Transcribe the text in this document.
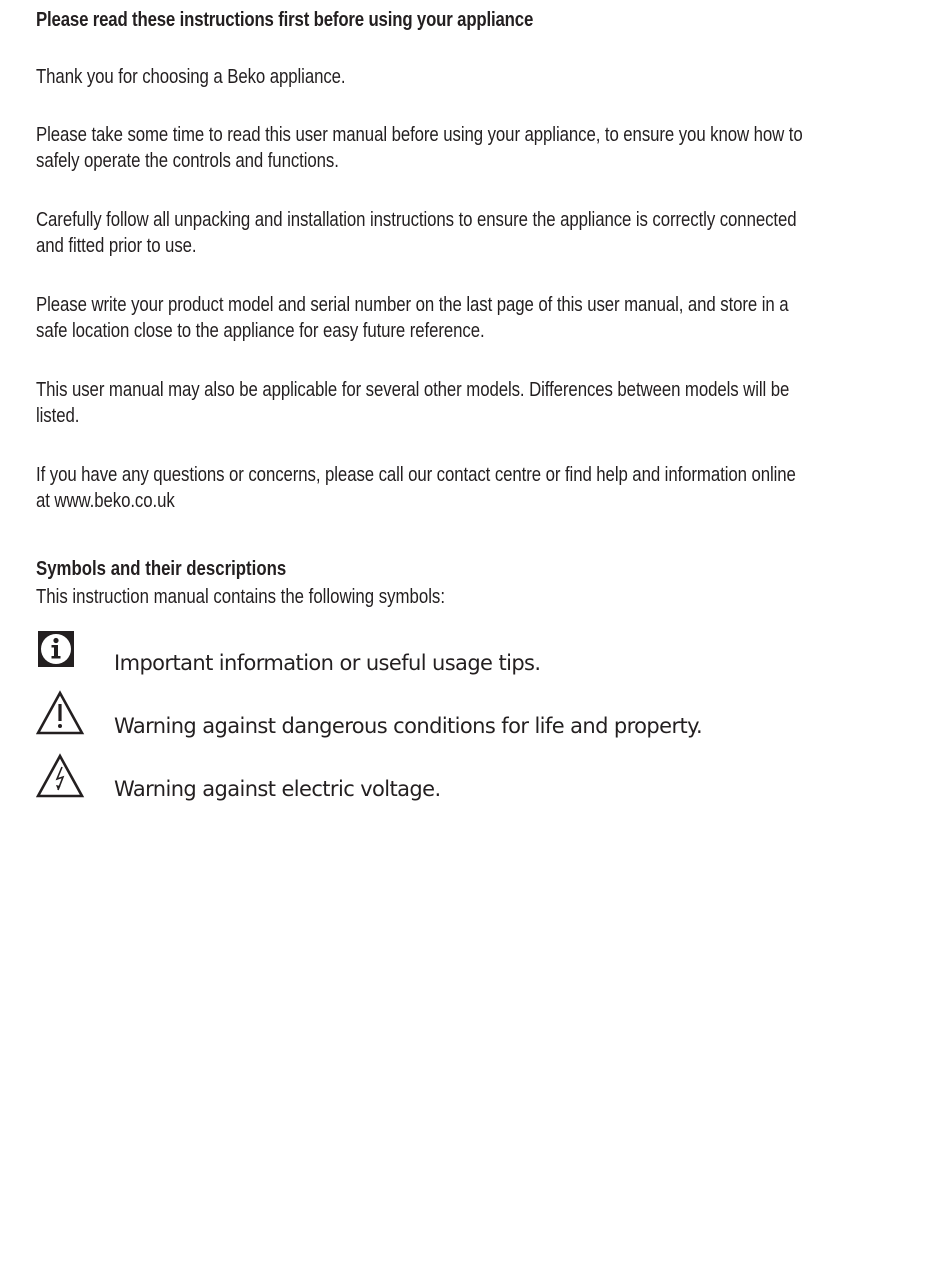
Please read these instructions first before using your appliance
Thank you for choosing a Beko appliance.
Please take some time to read this user manual before using your appliance, to ensure you know how to
safely operate the controls and functions.
Carefully follow all unpacking and installation instructions to ensure the appliance is correctly connected
and fitted prior to use.
Please write your product model and serial number on the last page of this user manual, and store in a
safe location close to the appliance for easy future reference.
This user manual may also be applicable for several other models. Differences between models will be
listed.
If you have any questions or concerns, please call our contact centre or find help and information online
at www.beko.co.uk
Symbols and their descriptions
This instruction manual contains the following symbols:
Important information or useful usage tips.
Warning against dangerous conditions for life and property.
Warning against electric voltage.
